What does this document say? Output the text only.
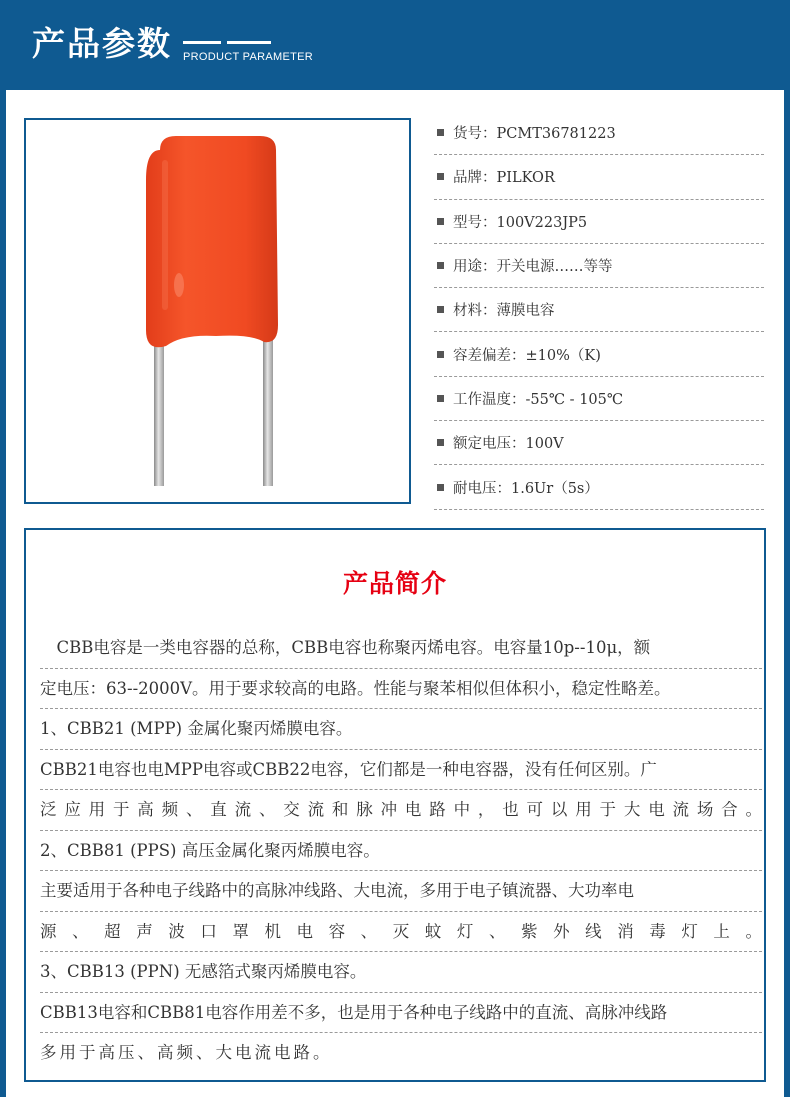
产品参数 PRODUCT PARAMETER
货号：PCMT36781223
品牌：PILKOR
型号：100V223JP5
用途：开关电源……等等
材料：薄膜电容
容差偏差：±10%（K)
工作温度：-55℃ - 105℃
额定电压：100V
耐电压：1.6Ur（5s）
产品简介
　CBB电容是一类电容器的总称，CBB电容也称聚丙烯电容。电容量10p--10μ，额
定电压：63--2000V。用于要求较高的电路。性能与聚苯相似但体积小，稳定性略差。
1、CBB21 (MPP) 金属化聚丙烯膜电容。
CBB21电容也电MPP电容或CBB22电容，它们都是一种电容器，没有任何区别。广
泛应用于高频、直流、交流和脉冲电路中，也可以用于大电流场合。
2、CBB81 (PPS) 高压金属化聚丙烯膜电容。
主要适用于各种电子线路中的高脉冲线路、大电流，多用于电子镇流器、大功率电
源、超声波口罩机电容、灭蚊灯、紫外线消毒灯上。
3、CBB13 (PPN) 无感箔式聚丙烯膜电容。
CBB13电容和CBB81电容作用差不多，也是用于各种电子线路中的直流、高脉冲线路
多用于高压、高频、大电流电路。
